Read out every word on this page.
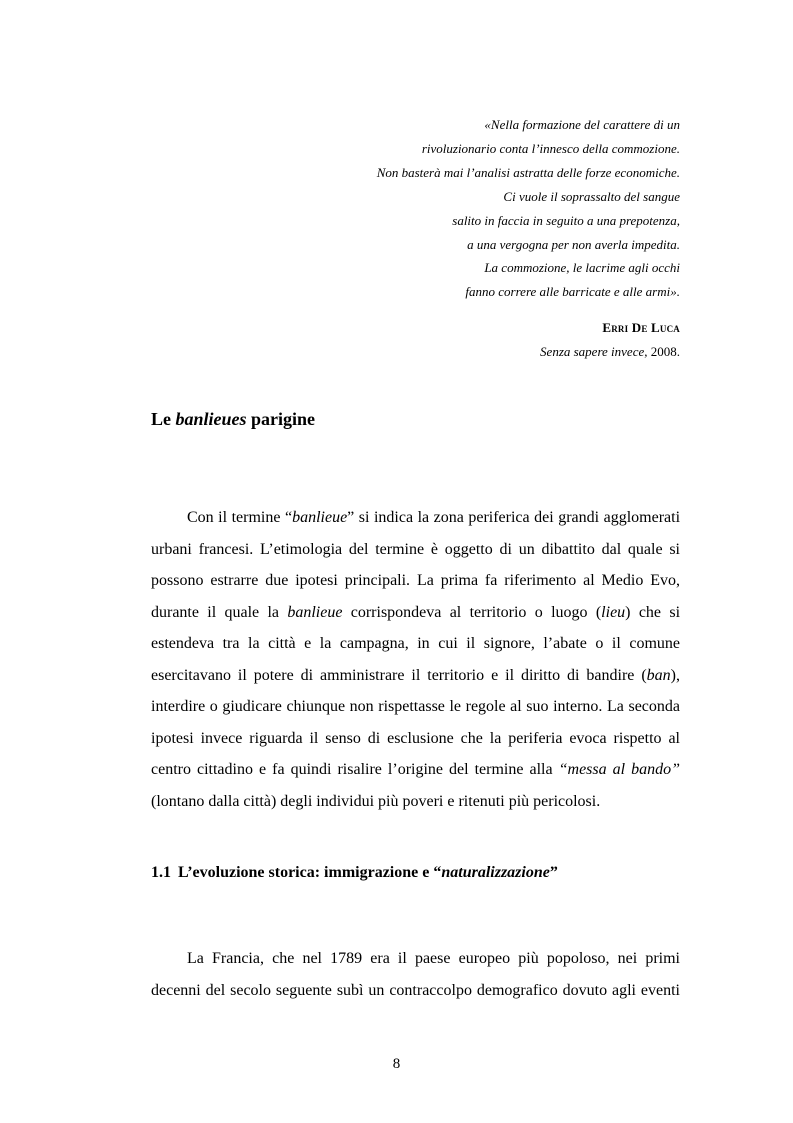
«Nella formazione del carattere di un
rivoluzionario conta l’innesco della commozione.
Non basterà mai l’analisi astratta delle forze economiche.
Ci vuole il soprassalto del sangue
salito in faccia in seguito a una prepotenza,
a una vergogna per non averla impedita.
La commozione, le lacrime agli occhi
fanno correre alle barricate e alle armi».
Erri De Luca
Senza sapere invece, 2008.
Le banlieues parigine
Con il termine “banlieue” si indica la zona periferica dei grandi agglomerati
urbani francesi. L’etimologia del termine è oggetto di un dibattito dal quale si
possono estrarre due ipotesi principali. La prima fa riferimento al Medio Evo,
durante il quale la banlieue corrispondeva al territorio o luogo (lieu) che si
estendeva tra la città e la campagna, in cui il signore, l’abate o il comune
esercitavano il potere di amministrare il territorio e il diritto di bandire (ban),
interdire o giudicare chiunque non rispettasse le regole al suo interno. La seconda
ipotesi invece riguarda il senso di esclusione che la periferia evoca rispetto al
centro cittadino e fa quindi risalire l’origine del termine alla “messa al bando”
(lontano dalla città) degli individui più poveri e ritenuti più pericolosi.
1.1 L’evoluzione storica: immigrazione e “naturalizzazione”
La Francia, che nel 1789 era il paese europeo più popoloso, nei primi
decenni del secolo seguente subì un contraccolpo demografico dovuto agli eventi
8
